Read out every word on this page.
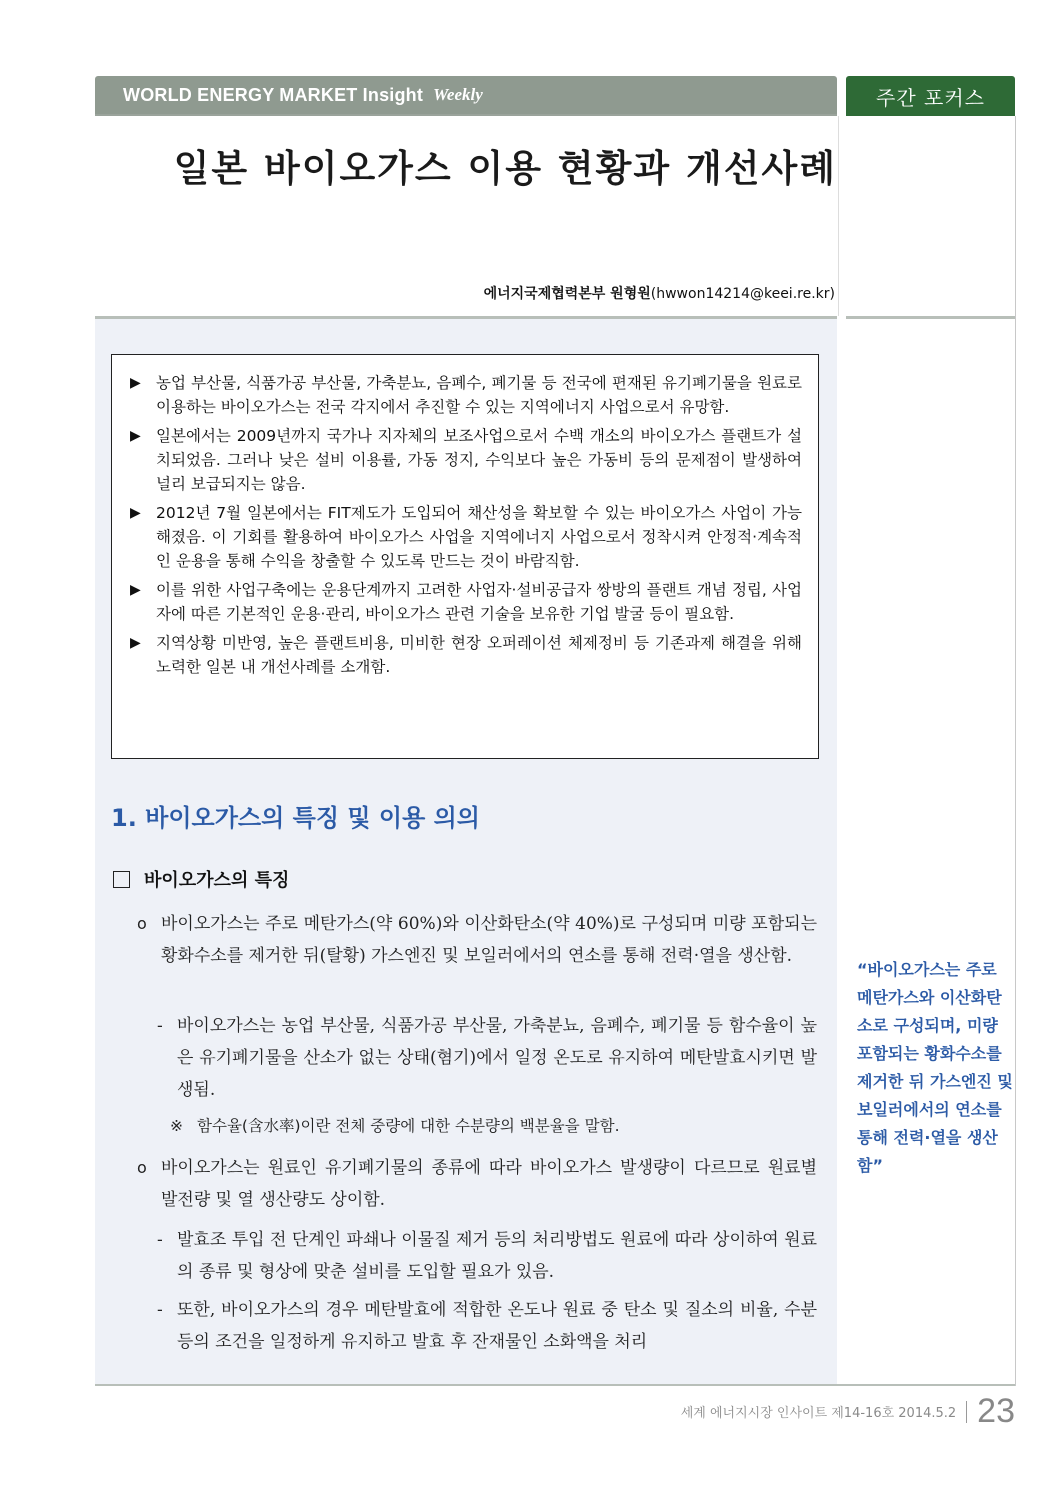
WORLD ENERGY MARKET Insight Weekly	주간 포커스
일본 바이오가스 이용 현황과 개선사례
에너지국제협력본부 원형원(hwwon14214@keei.re.kr)
▶ 농업 부산물, 식품가공 부산물, 가축분뇨, 음폐수, 폐기물 등 전국에 편재된 유기폐기물을 원료로 이용하는 바이오가스는 전국 각지에서 추진할 수 있는 지역에너지 사업으로서 유망함.
▶ 일본에서는 2009년까지 국가나 지자체의 보조사업으로서 수백 개소의 바이오가스 플랜트가 설치되었음. 그러나 낮은 설비 이용률, 가동 정지, 수익보다 높은 가동비 등의 문제점이 발생하여 널리 보급되지는 않음.
▶ 2012년 7월 일본에서는 FIT제도가 도입되어 채산성을 확보할 수 있는 바이오가스 사업이 가능해졌음. 이 기회를 활용하여 바이오가스 사업을 지역에너지 사업으로서 정착시켜 안정적·계속적인 운용을 통해 수익을 창출할 수 있도록 만드는 것이 바람직함.
▶ 이를 위한 사업구축에는 운용단계까지 고려한 사업자·설비공급자 쌍방의 플랜트 개념 정립, 사업자에 따른 기본적인 운용·관리, 바이오가스 관련 기술을 보유한 기업 발굴 등이 필요함.
▶ 지역상황 미반영, 높은 플랜트비용, 미비한 현장 오퍼레이션 체제정비 등 기존과제 해결을 위해 노력한 일본 내 개선사례를 소개함.
1. 바이오가스의 특징 및 이용 의의
바이오가스의 특징
o 바이오가스는 주로 메탄가스(약 60%)와 이산화탄소(약 40%)로 구성되며 미량 포함되는 황화수소를 제거한 뒤(탈황) 가스엔진 및 보일러에서의 연소를 통해 전력·열을 생산함.
- 바이오가스는 농업 부산물, 식품가공 부산물, 가축분뇨, 음폐수, 폐기물 등 함수율이 높은 유기폐기물을 산소가 없는 상태(혐기)에서 일정 온도로 유지하여 메탄발효시키면 발생됨.
※ 함수율(含水率)이란 전체 중량에 대한 수분량의 백분율을 말함.
o 바이오가스는 원료인 유기폐기물의 종류에 따라 바이오가스 발생량이 다르므로 원료별 발전량 및 열 생산량도 상이함.
- 발효조 투입 전 단계인 파쇄나 이물질 제거 등의 처리방법도 원료에 따라 상이하여 원료의 종류 및 형상에 맞춘 설비를 도입할 필요가 있음.
- 또한, 바이오가스의 경우 메탄발효에 적합한 온도나 원료 중 탄소 및 질소의 비율, 수분 등의 조건을 일정하게 유지하고 발효 후 잔재물인 소화액을 처리
“바이오가스는 주로 메탄가스와 이산화탄소로 구성되며, 미량 포함되는 황화수소를 제거한 뒤 가스엔진 및 보일러에서의 연소를 통해 전력·열을 생산함”
세계 에너지시장 인사이트 제14-16호 2014.5.2 23
